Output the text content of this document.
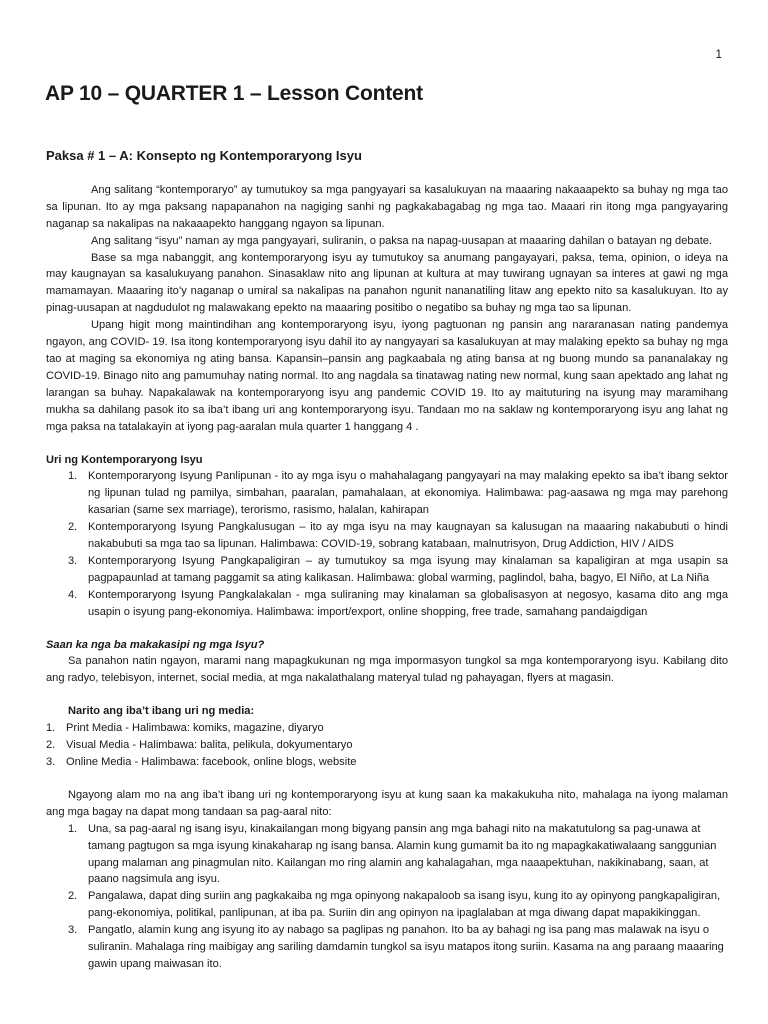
1
AP 10 – QUARTER 1 – Lesson Content
Paksa # 1 – A: Konsepto ng Kontemporaryong Isyu

Ang salitang “kontemporaryo” ay tumutukoy sa mga pangyayari sa kasalukuyan na maaaring nakaaapekto sa buhay ng mga tao sa lipunan. Ito ay mga paksang napapanahon na nagiging sanhi ng pagkakabagabag ng mga tao. Maaari rin itong mga pangyayaring naganap sa nakalipas na nakaaapekto hanggang ngayon sa lipunan.

Ang salitang “isyu” naman ay mga pangyayari, suliranin, o paksa na napag-uusapan at maaaring dahilan o batayan ng debate.

Base sa mga nabanggit, ang kontemporaryong isyu ay tumutukoy sa anumang pangayayari, paksa, tema, opinion, o ideya na may kaugnayan sa kasalukuyang panahon. Sinasaklaw nito ang lipunan at kultura at may tuwirang ugnayan sa interes at gawi ng mga mamamayan. Maaaring ito’y naganap o umiral sa nakalipas na panahon ngunit nananatiling litaw ang epekto nito sa kasalukuyan. Ito ay pinag-uusapan at nagdudulot ng malawakang epekto na maaaring positibo o negatibo sa buhay ng mga tao sa lipunan.

Upang higit mong maintindihan ang kontemporaryong isyu, iyong pagtuonan ng pansin ang nararanasan nating pandemya ngayon, ang COVID- 19. Isa itong kontemporaryong isyu dahil ito ay nangyayari sa kasalukuyan at may malaking epekto sa buhay ng mga tao at maging sa ekonomiya ng ating bansa. Kapansin–pansin ang pagkaabala ng ating bansa at ng buong mundo sa pananalakay ng COVID-19. Binago nito ang pamumuhay nating normal. Ito ang nagdala sa tinatawag nating new normal, kung saan apektado ang lahat ng larangan sa buhay. Napakalawak na kontemporaryong isyu ang pandemic COVID 19. Ito ay maituturing na isyung may maramihang mukha sa dahilang pasok ito sa iba’t ibang uri ang kontemporaryong isyu. Tandaan mo na saklaw ng kontemporaryong isyu ang lahat ng mga paksa na tatalakayin at iyong pag-aaralan mula quarter 1 hanggang 4 .

Uri ng Kontemporaryong Isyu

1. Kontemporaryong Isyung Panlipunan - ito ay mga isyu o mahahalagang pangyayari na may malaking epekto sa iba’t ibang sektor ng lipunan tulad ng pamilya, simbahan, paaralan, pamahalaan, at ekonomiya. Halimbawa: pag-aasawa ng mga may parehong kasarian (same sex marriage), terorismo, rasismo, halalan, kahirapan

2. Kontemporaryong Isyung Pangkalusugan – ito ay mga isyu na may kaugnayan sa kalusugan na maaaring nakabubuti o hindi nakabubuti sa mga tao sa lipunan. Halimbawa: COVID-19, sobrang katabaan, malnutrisyon, Drug Addiction, HIV / AIDS

3. Kontemporaryong Isyung Pangkapaligiran – ay tumutukoy sa mga isyung may kinalaman sa kapaligiran at mga usapin sa pagpapaunlad at tamang paggamit sa ating kalikasan. Halimbawa: global warming, paglindol, baha, bagyo, El Niño, at La Niña

4. Kontemporaryong Isyung Pangkalakalan - mga suliraning may kinalaman sa globalisasyon at negosyo, kasama dito ang mga usapin o isyung pang-ekonomiya. Halimbawa: import/export, online shopping, free trade, samahang pandaigdigan

Saan ka nga ba makakasipi ng mga Isyu?

Sa panahon natin ngayon, marami nang mapagkukunan ng mga impormasyon tungkol sa mga kontemporaryong isyu. Kabilang dito ang radyo, telebisyon, internet, social media, at mga nakalathalang materyal tulad ng pahayagan, flyers at magasin.

Narito ang iba’t ibang uri ng media:

1. Print Media - Halimbawa: komiks, magazine, diyaryo

2. Visual Media - Halimbawa: balita, pelikula, dokyumentaryo

3. Online Media - Halimbawa: facebook, online blogs, website

Ngayong alam mo na ang iba’t ibang uri ng kontemporaryong isyu at kung saan ka makakukuha nito, mahalaga na iyong malaman ang mga bagay na dapat mong tandaan sa pag-aaral nito:

1. Una, sa pag-aaral ng isang isyu, kinakailangan mong bigyang pansin ang mga bahagi nito na makatutulong sa pag-unawa at tamang pagtugon sa mga isyung kinakaharap ng isang bansa. Alamin kung gumamit ba ito ng mapagkakatiwalaang sanggunian upang malaman ang pinagmulan nito. Kailangan mo ring alamin ang kahalagahan, mga naaapektuhan, nakikinabang, saan, at paano nagsimula ang isyu.

2. Pangalawa, dapat ding suriin ang pagkakaiba ng mga opinyong nakapaloob sa isang isyu, kung ito ay opinyong pangkapaligiran, pang-ekonomiya, politikal, panlipunan, at iba pa. Suriin din ang opinyon na ipaglalaban at mga diwang dapat mapakikinggan.

3. Pangatlo, alamin kung ang isyung ito ay nabago sa paglipas ng panahon. Ito ba ay bahagi ng isa pang mas malawak na isyu o suliranin. Mahalaga ring maibigay ang sariling damdamin tungkol sa isyu matapos itong suriin. Kasama na ang paraang maaaring gawin upang maiwasan ito.
